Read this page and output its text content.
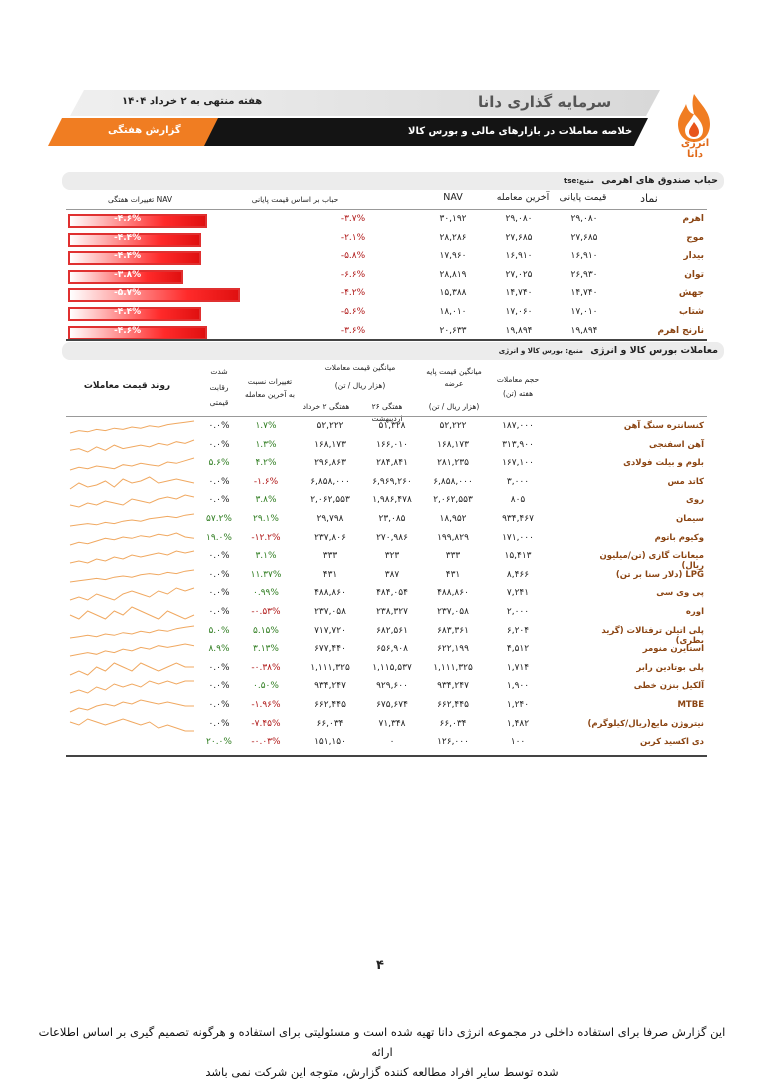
هفته منتهی به ۲ خرداد ۱۴۰۴	سرمایه گذاری دانا
خلاصه معاملات در بازارهای مالی و بورس کالا
گزارش هفتگی
انرژی دانا
حباب صندوق های اهرمی منبع:tse
نماد
قیمت پایانی
آخرین معامله
NAV
حباب بر اساس قیمت پایانی
تغییرات هفتگی NAV
اهرم
۲۹,۰۸۰
۲۹,۰۸۰
۳۰,۱۹۲
-۳.۷%
-۴.۶%
موج
۲۷,۶۸۵
۲۷,۶۸۵
۲۸,۲۸۶
-۲.۱%
-۴.۴%
بیدار
۱۶,۹۱۰
۱۶,۹۱۰
۱۷,۹۶۰
-۵.۸%
-۴.۴%
توان
۲۶,۹۳۰
۲۷,۰۲۵
۲۸,۸۱۹
-۶.۶%
-۳.۸%
جهش
۱۴,۷۴۰
۱۴,۷۴۰
۱۵,۳۸۸
-۴.۲%
-۵.۷%
شتاب
۱۷,۰۱۰
۱۷,۰۶۰
۱۸,۰۱۰
-۵.۶%
-۴.۴%
نارنج اهرم
۱۹,۸۹۴
۱۹,۸۹۴
۲۰,۶۳۳
-۳.۶%
-۴.۶%
معاملات بورس کالا و انرژی منبع: بورس کالا و انرژی
حجم معاملات
هفته (تن)
میانگین قیمت پایه
عرضه
(هزار ریال / تن)
میانگین قیمت معاملات
(هزار ریال / تن)
هفتگی ۲۶ اردیبهشت
هفتگی ۲ خرداد
تغییرات نسبت
به آخرین معامله
شدت
رقابت
قیمتی
روند قیمت معاملات
کنسانتره سنگ آهن
۱۸۷,۰۰۰
۵۲,۲۲۲
۵۱,۳۲۸
۵۲,۲۲۲
۱.۷%
۰.۰%
آهن اسفنجی
۳۱۳,۹۰۰
۱۶۸,۱۷۳
۱۶۶,۰۱۰
۱۶۸,۱۷۳
۱.۳%
۰.۰%
بلوم و بیلت فولادی
۱۶۷,۱۰۰
۲۸۱,۲۳۵
۲۸۴,۸۴۱
۲۹۶,۸۶۳
۴.۲%
۵.۶%
کاتد مس
۳,۰۰۰
۶,۸۵۸,۰۰۰
۶,۹۶۹,۲۶۰
۶,۸۵۸,۰۰۰
-۱.۶%
۰.۰%
روی
۸۰۵
۲,۰۶۲,۵۵۳
۱,۹۸۶,۴۷۸
۲,۰۶۲,۵۵۳
۳.۸%
۰.۰%
سیمان
۹۳۴,۴۶۷
۱۸,۹۵۲
۲۳,۰۸۵
۲۹,۷۹۸
۲۹.۱%
۵۷.۲%
وکیوم باتوم
۱۷۱,۰۰۰
۱۹۹,۸۲۹
۲۷۰,۹۸۶
۲۳۷,۸۰۶
-۱۲.۲%
۱۹.۰%
میعانات گازی (تن/میلیون ریال)
۱۵,۴۱۳
۳۳۳
۳۲۳
۳۳۳
۳.۱%
۰.۰%
LPG (دلار سنا بر تن)
۸,۴۶۶
۴۳۱
۳۸۷
۴۳۱
۱۱.۳۷%
۰.۰%
پی وی سی
۷,۲۴۱
۴۸۸,۸۶۰
۴۸۴,۰۵۴
۴۸۸,۸۶۰
۰.۹۹%
۰.۰%
اوره
۲,۰۰۰
۲۳۷,۰۵۸
۲۳۸,۳۲۷
۲۳۷,۰۵۸
-۰.۵۳%
۰.۰%
پلی اتیلن ترفتالات (گرید بطری)
۶,۲۰۴
۶۸۳,۳۶۱
۶۸۲,۵۶۱
۷۱۷,۷۲۰
۵.۱۵%
۵.۰%
استایرن منومر
۴,۵۱۲
۶۲۲,۱۹۹
۶۵۶,۹۰۸
۶۷۷,۴۴۰
۳.۱۳%
۸.۹%
پلی بوتادین رابر
۱,۷۱۴
۱,۱۱۱,۳۲۵
۱,۱۱۵,۵۳۷
۱,۱۱۱,۳۲۵
-۰.۳۸%
۰.۰%
آلکیل بنزن خطی
۱,۹۰۰
۹۳۴,۲۴۷
۹۲۹,۶۰۰
۹۳۴,۲۴۷
۰.۵۰%
۰.۰%
MTBE
۱,۲۴۰
۶۶۲,۴۴۵
۶۷۵,۶۷۴
۶۶۲,۴۴۵
-۱.۹۶%
۰.۰%
نیتروژن مایع(ریال/کیلوگرم)
۱,۴۸۲
۶۶,۰۳۴
۷۱,۳۴۸
۶۶,۰۳۴
-۷.۴۵%
۰.۰%
دی اکسید کربن
۱۰۰
۱۲۶,۰۰۰
۰
۱۵۱,۱۵۰
-۰.۰۳%
۲۰.۰%
۴
این گزارش صرفا برای استفاده داخلی در مجموعه انرژی دانا تهیه شده است و مسئولیتی برای استفاده و هرگونه تصمیم گیری بر اساس اطلاعات ارائه
شده توسط سایر افراد مطالعه کننده گزارش، متوجه این شرکت نمی باشد
